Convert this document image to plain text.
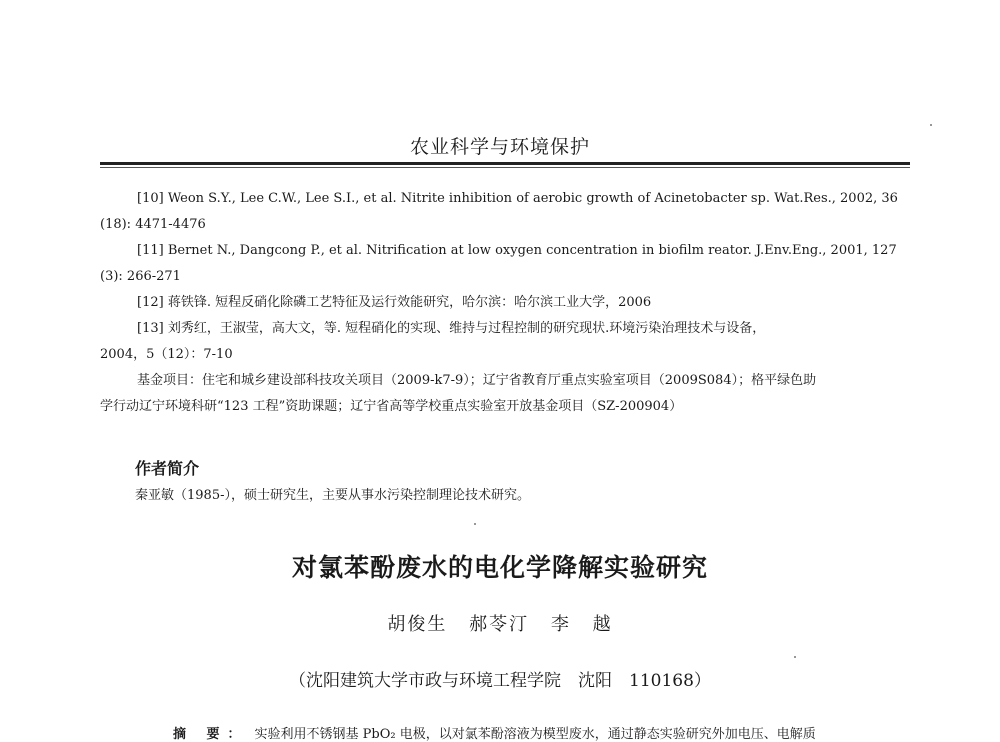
农业科学与环境保护
[10] Weon S.Y., Lee C.W., Lee S.I., et al. Nitrite inhibition of aerobic growth of Acinetobacter sp. Wat.Res., 2002, 36
(18): 4471-4476
[11] Bernet N., Dangcong P., et al. Nitrification at low oxygen concentration in biofilm reator. J.Env.Eng., 2001, 127
(3): 266-271
[12] 蒋铁锋. 短程反硝化除磷工艺特征及运行效能研究，哈尔滨：哈尔滨工业大学，2006
[13] 刘秀红，王淑莹，高大文，等. 短程硝化的实现、维持与过程控制的研究现状.环境污染治理技术与设备，
2004，5（12）：7-10
基金项目：住宅和城乡建设部科技攻关项目（2009-k7-9）；辽宁省教育厅重点实验室项目（2009S084）；格平绿色助
学行动辽宁环境科研“123 工程”资助课题；辽宁省高等学校重点实验室开放基金项目（SZ-200904）
作者简介
秦亚敏（1985-），硕士研究生，主要从事水污染控制理论技术研究。
对氯苯酚废水的电化学降解实验研究
胡俊生 郝苓汀 李 越
（沈阳建筑大学市政与环境工程学院　沈阳　110168）
摘 要： 实验利用不锈钢基 PbO₂ 电极，以对氯苯酚溶液为模型废水，通过静态实验研究外加电压、电解质
